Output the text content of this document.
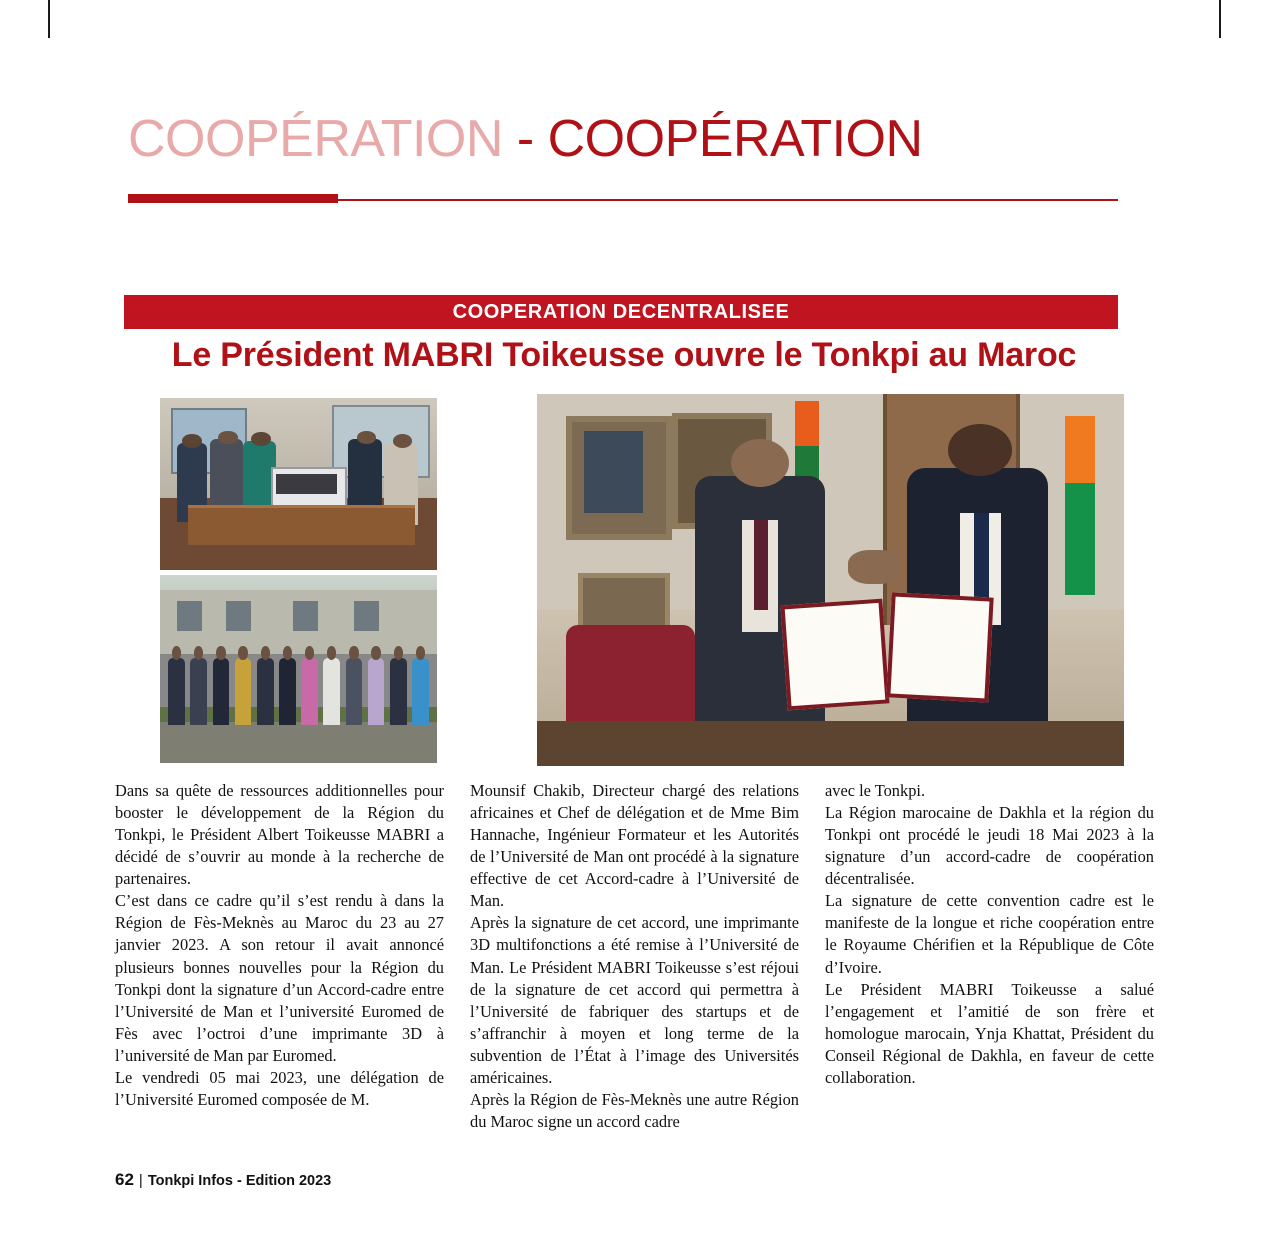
COOPÉRATION - COOPÉRATION
COOPERATION DECENTRALISEE
Le Président MABRI Toikeusse ouvre le Tonkpi au Maroc

Dans sa quête de ressources additionnelles pour booster le développement de la Région du Tonkpi, le Président Albert Toikeusse MABRI a décidé de s’ouvrir au monde à la recherche de partenaires.

C’est dans ce cadre qu’il s’est rendu à dans la Région de Fès-Meknès au Maroc du 23 au 27 janvier 2023. A son retour il avait annoncé plusieurs bonnes nouvelles pour la Région du Tonkpi dont la signature d’un Accord-cadre entre l’Université de Man et l’université Euromed de Fès avec l’octroi d’une imprimante 3D à l’université de Man par Euromed.

Le vendredi 05 mai 2023, une délégation de l’Université Euromed composée de M.

Mounsif Chakib, Directeur chargé des relations africaines et Chef de délégation et de Mme Bim Hannache, Ingénieur Formateur et les Autorités de l’Université de Man ont procédé à la signature effective de cet Accord-cadre à l’Université de Man.

Après la signature de cet accord, une imprimante 3D multifonctions a été remise à l’Université de Man. Le Président MABRI Toikeusse s’est réjoui de la signature de cet accord qui permettra à l’Université de fabriquer des startups et de s’affranchir à moyen et long terme de la subvention de l’État à l’image des Universités américaines.

Après la Région de Fès-Meknès une autre Région du Maroc signe un accord cadre

avec le Tonkpi.

La Région marocaine de Dakhla et la région du Tonkpi ont procédé le jeudi 18 Mai 2023 à la signature d’un accord-cadre de coopération décentralisée.

La signature de cette convention cadre est le manifeste de la longue et riche coopération entre le Royaume Chérifien et la République de Côte d’Ivoire.

Le Président MABRI Toikeusse a salué l’engagement et l’amitié de son frère et homologue marocain, Ynja Khattat, Président du Conseil Régional de Dakhla, en faveur de cette collaboration.

62 | Tonkpi Infos - Edition 2023
